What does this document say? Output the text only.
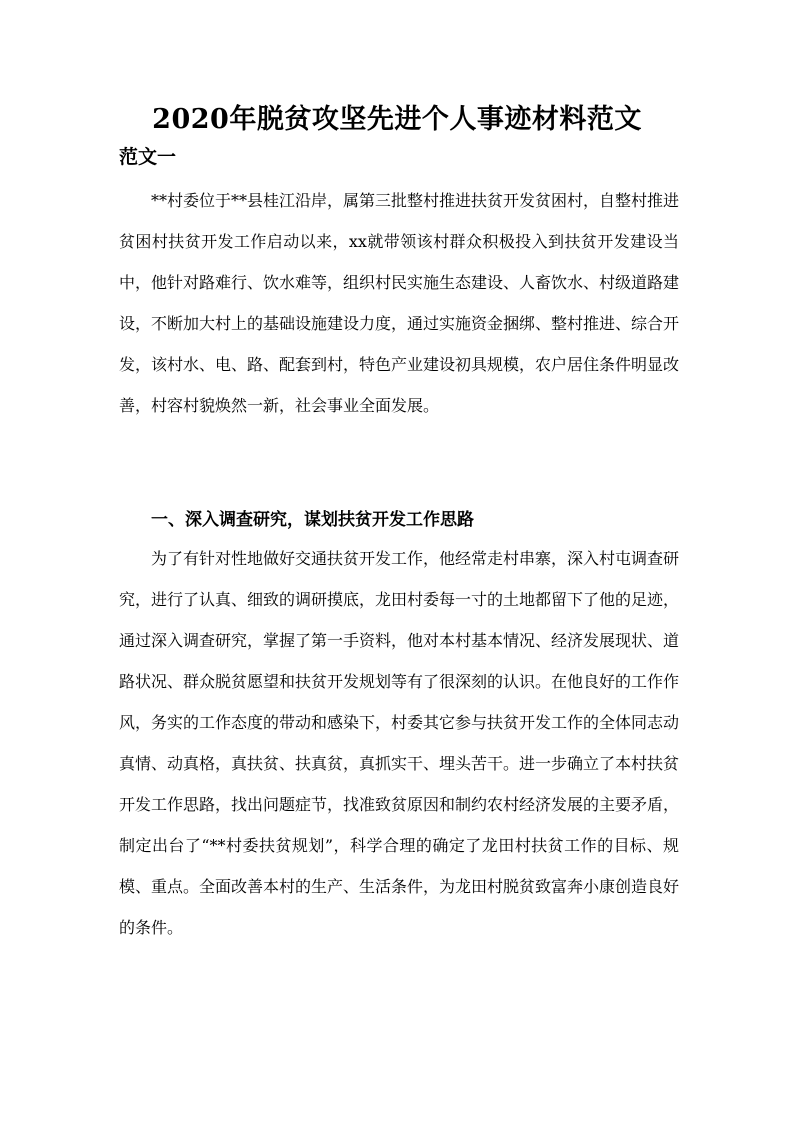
2020年脱贫攻坚先进个人事迹材料范文
范文一

**村委位于**县桂江沿岸，属第三批整村推进扶贫开发贫困村，自整村推进贫困村扶贫开发工作启动以来，xx就带领该村群众积极投入到扶贫开发建设当中，他针对路难行、饮水难等，组织村民实施生态建设、人畜饮水、村级道路建设，不断加大村上的基础设施建设力度，通过实施资金捆绑、整村推进、综合开发，该村水、电、路、配套到村，特色产业建设初具规模，农户居住条件明显改善，村容村貌焕然一新，社会事业全面发展。

一、深入调查研究，谋划扶贫开发工作思路

为了有针对性地做好交通扶贫开发工作，他经常走村串寨，深入村屯调查研究，进行了认真、细致的调研摸底，龙田村委每一寸的土地都留下了他的足迹，通过深入调查研究，掌握了第一手资料，他对本村基本情况、经济发展现状、道路状况、群众脱贫愿望和扶贫开发规划等有了很深刻的认识。在他良好的工作作风，务实的工作态度的带动和感染下，村委其它参与扶贫开发工作的全体同志动真情、动真格，真扶贫、扶真贫，真抓实干、埋头苦干。进一步确立了本村扶贫开发工作思路，找出问题症节，找准致贫原因和制约农村经济发展的主要矛盾，制定出台了“**村委扶贫规划”，科学合理的确定了龙田村扶贫工作的目标、规模、重点。全面改善本村的生产、生活条件，为龙田村脱贫致富奔小康创造良好的条件。
